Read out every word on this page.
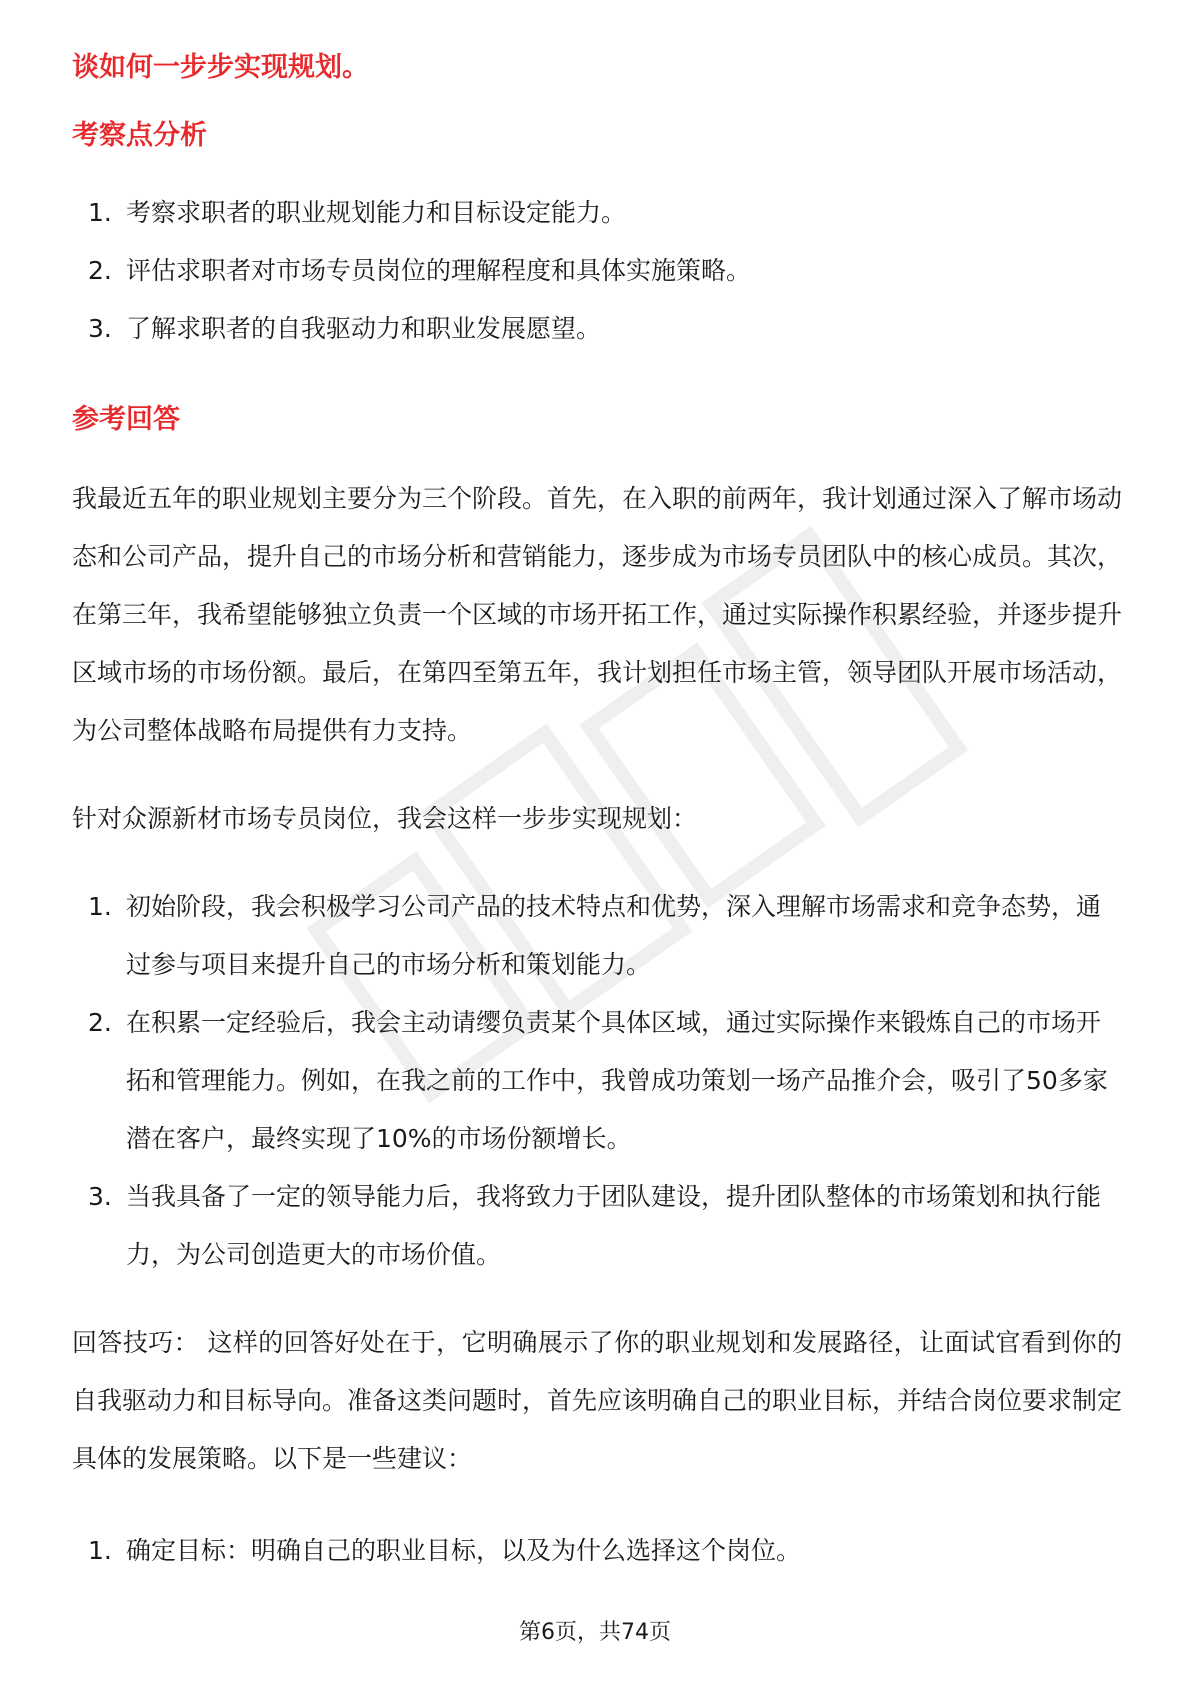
谈如何一步步实现规划。

考察点分析

1. 考察求职者的职业规划能力和目标设定能力。
2. 评估求职者对市场专员岗位的理解程度和具体实施策略。
3. 了解求职者的自我驱动力和职业发展愿望。

参考回答

我最近五年的职业规划主要分为三个阶段。首先，在入职的前两年，我计划通过深入了解市场动态和公司产品，提升自己的市场分析和营销能力，逐步成为市场专员团队中的核心成员。其次，在第三年，我希望能够独立负责一个区域的市场开拓工作，通过实际操作积累经验，并逐步提升区域市场的市场份额。最后，在第四至第五年，我计划担任市场主管，领导团队开展市场活动，为公司整体战略布局提供有力支持。

针对众源新材市场专员岗位，我会这样一步步实现规划：

1. 初始阶段，我会积极学习公司产品的技术特点和优势，深入理解市场需求和竞争态势，通过参与项目来提升自己的市场分析和策划能力。
2. 在积累一定经验后，我会主动请缨负责某个具体区域，通过实际操作来锻炼自己的市场开拓和管理能力。例如，在我之前的工作中，我曾成功策划一场产品推介会，吸引了50多家潜在客户，最终实现了10%的市场份额增长。
3. 当我具备了一定的领导能力后，我将致力于团队建设，提升团队整体的市场策划和执行能力，为公司创造更大的市场价值。

回答技巧： 这样的回答好处在于，它明确展示了你的职业规划和发展路径，让面试官看到你的自我驱动力和目标导向。准备这类问题时，首先应该明确自己的职业目标，并结合岗位要求制定具体的发展策略。以下是一些建议：

1. 确定目标：明确自己的职业目标，以及为什么选择这个岗位。
第6页，共74页
